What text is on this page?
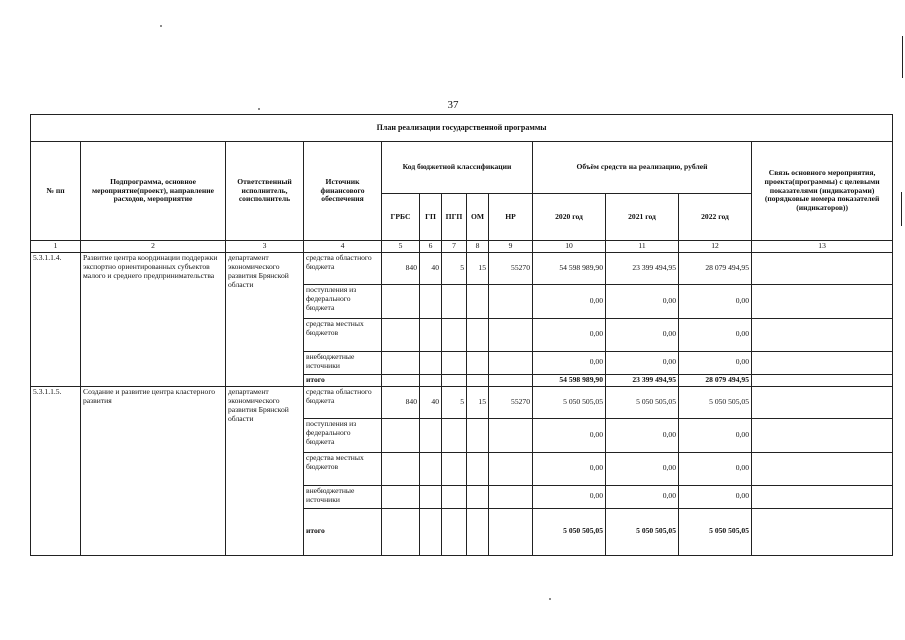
37
План реализации государственной программы												
№ пп	Подпрограмма, основное мероприятие(проект), направление расходов, мероприятие	Ответственный исполнитель, соисполнитель	Источник финансового обеспечения	Код бюджетной классификации					Объём средств на реализацию, рублей			Связь основного мероприятия, проекта(программы) с целевыми показателями (индикаторами) (порядковые номера показателей (индикаторов))
				ГРБС	ГП	ПГП	ОМ	НР	2020 год	2021 год	2022 год	
1	2	3	4	5	6	7	8	9	10	11	12	13
5.3.1.1.4.	Развитие центра координации поддержки экспортно ориентированных субъектов малого и среднего предпринимательства	департамент экономического развития Брянской области	средства областного бюджета	840	40	5	15	55270	54 598 989,90	23 399 494,95	28 079 494,95	
			поступления из федерального бюджета						0,00	0,00	0,00	
			средства местных бюджетов						0,00	0,00	0,00	
			внебюджетные источники						0,00	0,00	0,00	
			итого						54 598 989,90	23 399 494,95	28 079 494,95	
5.3.1.1.5.	Создание и развитие центра кластерного развития	департамент экономического развития Брянской области	средства областного бюджета	840	40	5	15	55270	5 050 505,05	5 050 505,05	5 050 505,05	
			поступления из федерального бюджета						0,00	0,00	0,00	
			средства местных бюджетов						0,00	0,00	0,00	
			внебюджетные источники						0,00	0,00	0,00	
			итого						5 050 505,05	5 050 505,05	5 050 505,05	
